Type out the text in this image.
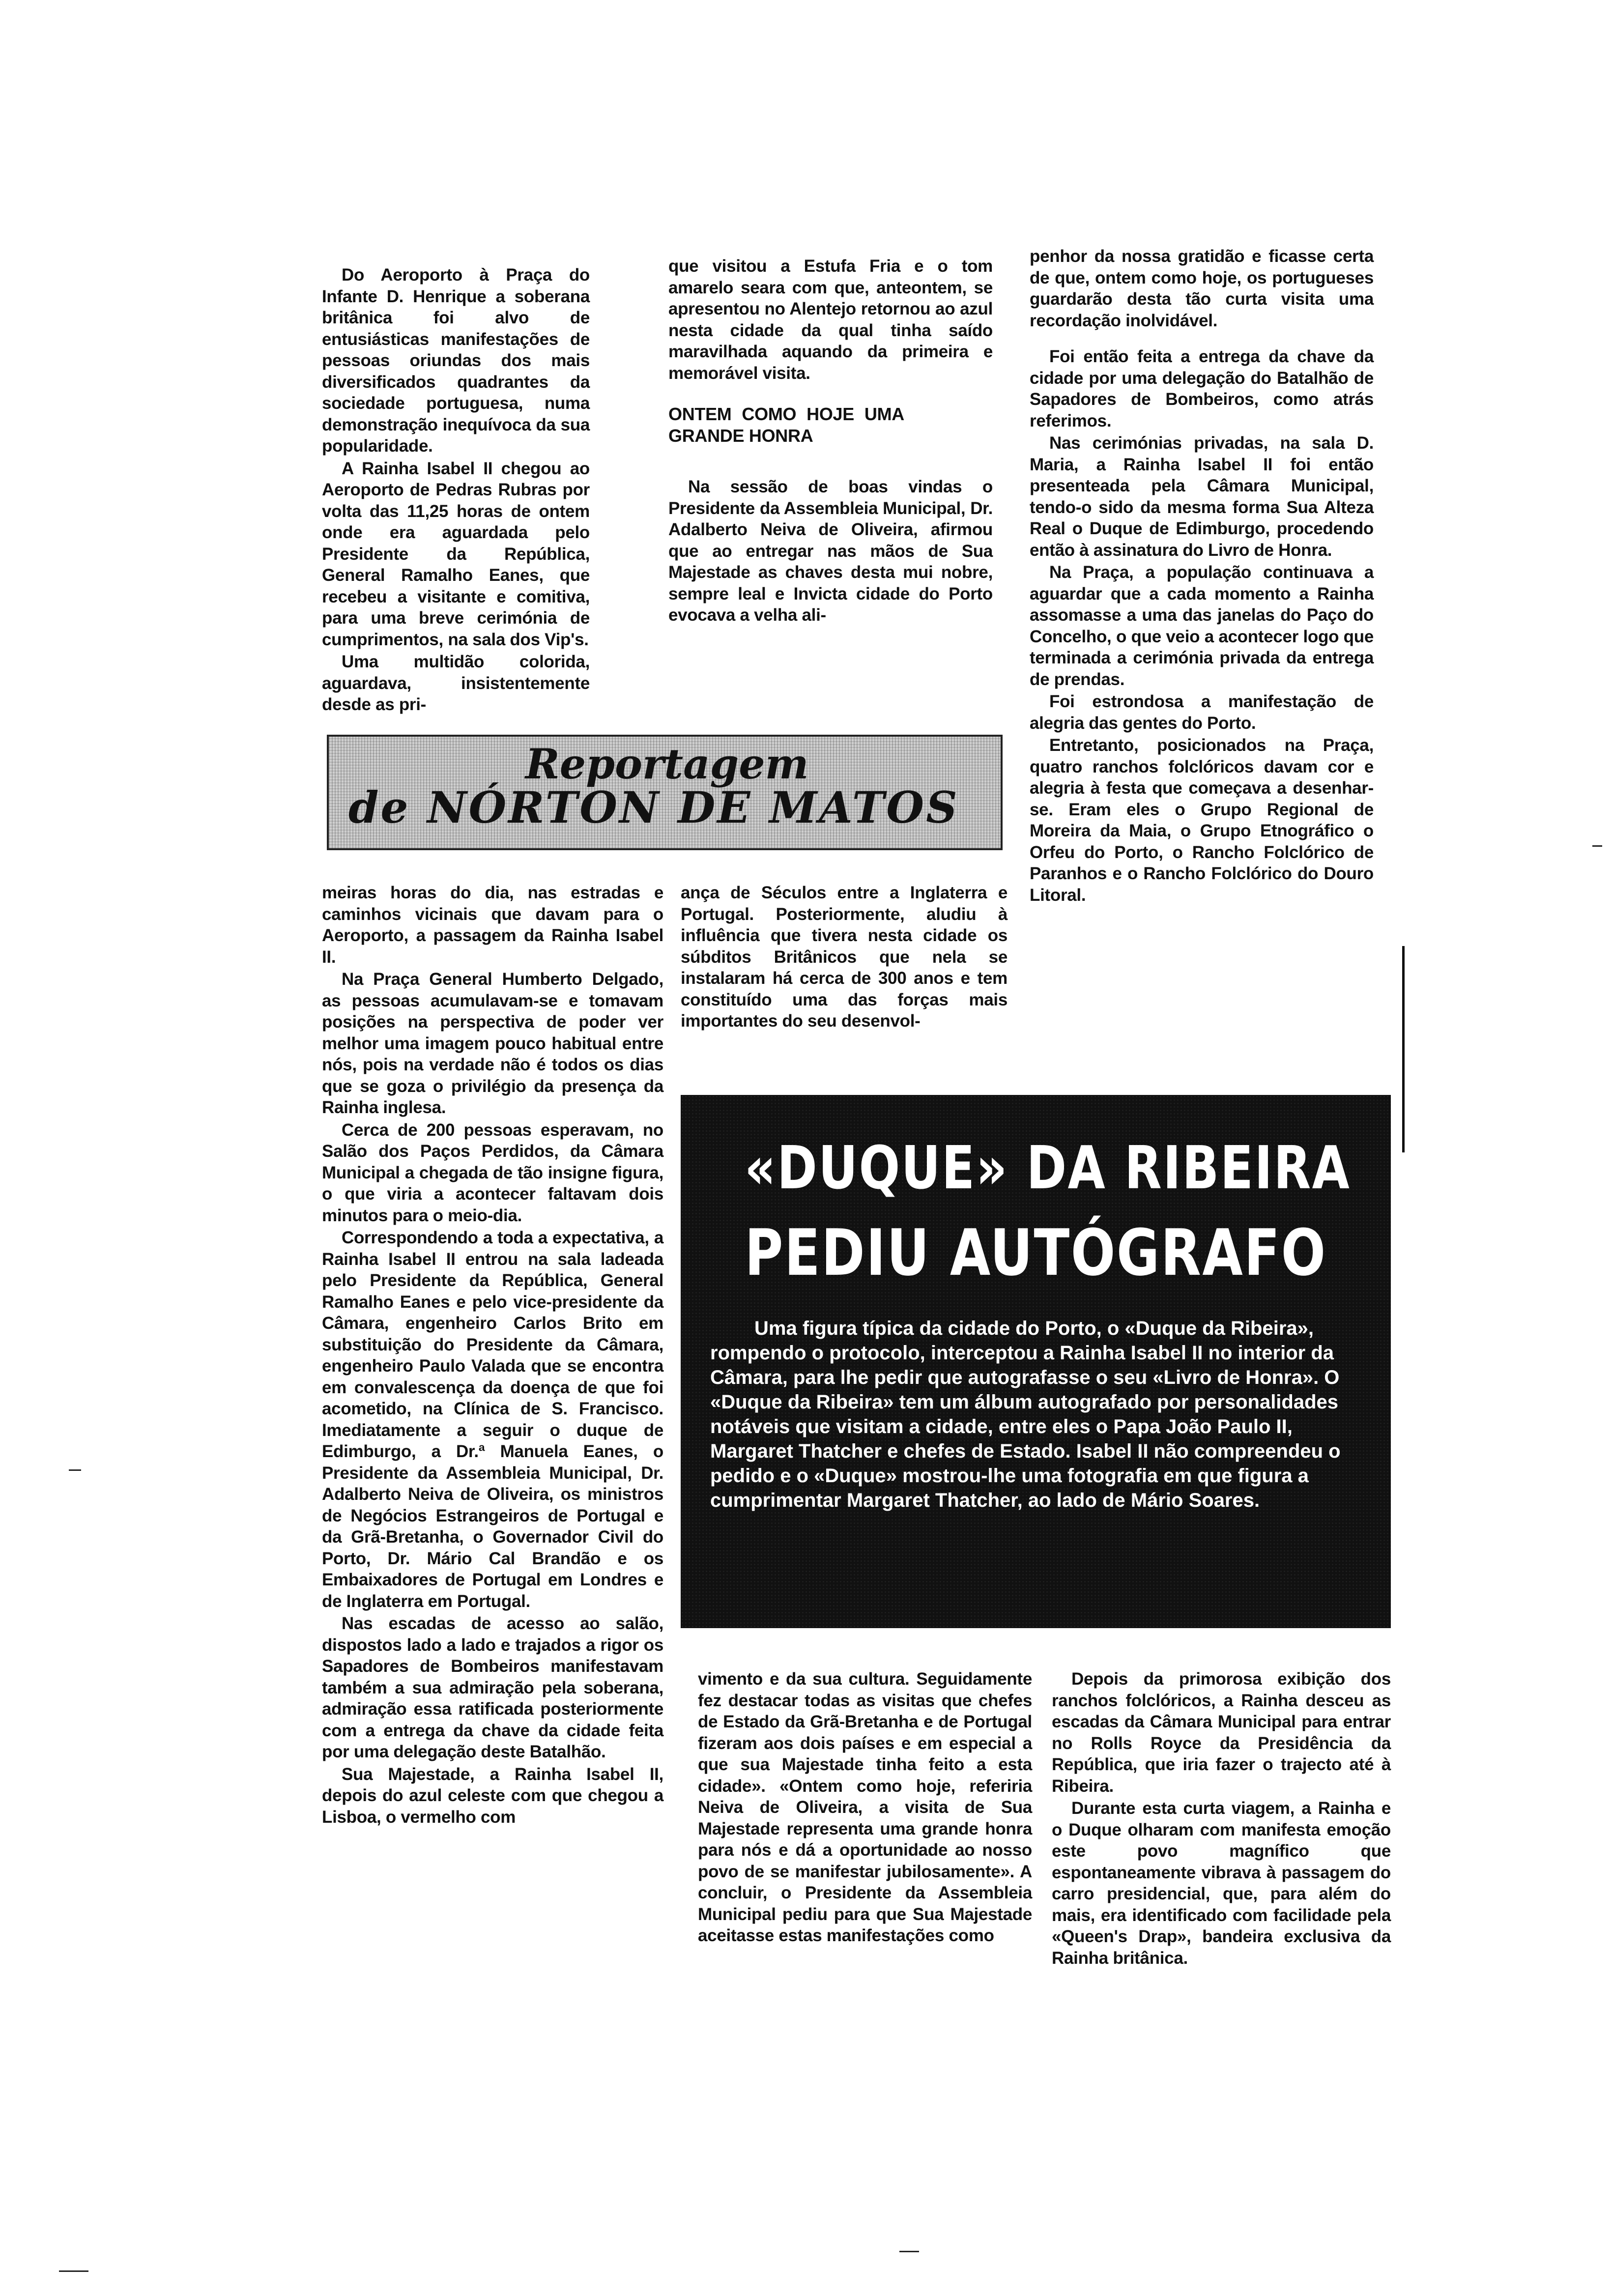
Do Aeroporto à Praça do Infante D. Henrique a soberana britânica foi alvo de entusiásticas manifestações de pessoas oriundas dos mais diversificados quadrantes da sociedade portuguesa, numa demonstração inequívoca da sua popularidade.

A Rainha Isabel II chegou ao Aeroporto de Pedras Rubras por volta das 11,25 horas de ontem onde era aguardada pelo Presidente da República, General Ramalho Eanes, que recebeu a visitante e comitiva, para uma breve cerimónia de cumprimentos, na sala dos Vip's.

Uma multidão colorida, aguardava, insistentemente desde as pri-

que visitou a Estufa Fria e o tom amarelo seara com que, anteontem, se apresentou no Alentejo retornou ao azul nesta cidade da qual tinha saído maravilhada aquando da primeira e memorável visita.

ONTEM COMO HOJE UMA GRANDE HONRA

Na sessão de boas vindas o Presidente da Assembleia Municipal, Dr. Adalberto Neiva de Oliveira, afirmou que ao entregar nas mãos de Sua Majestade as chaves desta mui nobre, sempre leal e Invicta cidade do Porto evocava a velha ali-

penhor da nossa gratidão e ficasse certa de que, ontem como hoje, os portugueses guardarão desta tão curta visita uma recordação inolvidável.

Foi então feita a entrega da chave da cidade por uma delegação do Batalhão de Sapadores de Bombeiros, como atrás referimos.

Nas cerimónias privadas, na sala D. Maria, a Rainha Isabel II foi então presenteada pela Câmara Municipal, tendo-o sido da mesma forma Sua Alteza Real o Duque de Edimburgo, procedendo então à assinatura do Livro de Honra.

Na Praça, a população continuava a aguardar que a cada momento a Rainha assomasse a uma das janelas do Paço do Concelho, o que veio a acontecer logo que terminada a cerimónia privada da entrega de prendas.

Foi estrondosa a manifestação de alegria das gentes do Porto.

Entretanto, posicionados na Praça, quatro ranchos folclóricos davam cor e alegria à festa que começava a desenhar-se. Eram eles o Grupo Regional de Moreira da Maia, o Grupo Etnográfico o Orfeu do Porto, o Rancho Folclórico de Paranhos e o Rancho Folclórico do Douro Litoral.

Reportagem
de NÓRTON DE MATOS

meiras horas do dia, nas estradas e caminhos vicinais que davam para o Aeroporto, a passagem da Rainha Isabel II.

Na Praça General Humberto Delgado, as pessoas acumulavam-se e tomavam posições na perspectiva de poder ver melhor uma imagem pouco habitual entre nós, pois na verdade não é todos os dias que se goza o privilégio da presença da Rainha inglesa.

Cerca de 200 pessoas esperavam, no Salão dos Paços Perdidos, da Câmara Municipal a chegada de tão insigne figura, o que viria a acontecer faltavam dois minutos para o meio-dia.

Correspondendo a toda a expectativa, a Rainha Isabel II entrou na sala ladeada pelo Presidente da República, General Ramalho Eanes e pelo vice-presidente da Câmara, engenheiro Carlos Brito em substituição do Presidente da Câmara, engenheiro Paulo Valada que se encontra em convalescença da doença de que foi acometido, na Clínica de S. Francisco. Imediatamente a seguir o duque de Edimburgo, a Dr.ª Manuela Eanes, o Presidente da Assembleia Municipal, Dr. Adalberto Neiva de Oliveira, os ministros de Negócios Estrangeiros de Portugal e da Grã-Bretanha, o Governador Civil do Porto, Dr. Mário Cal Brandão e os Embaixadores de Portugal em Londres e de Inglaterra em Portugal.

Nas escadas de acesso ao salão, dispostos lado a lado e trajados a rigor os Sapadores de Bombeiros manifestavam também a sua admiração pela soberana, admiração essa ratificada posteriormente com a entrega da chave da cidade feita por uma delegação deste Batalhão.

Sua Majestade, a Rainha Isabel II, depois do azul celeste com que chegou a Lisboa, o vermelho com

ança de Séculos entre a Inglaterra e Portugal. Posteriormente, aludiu à influência que tivera nesta cidade os súbditos Britânicos que nela se instalaram há cerca de 300 anos e tem constituído uma das forças mais importantes do seu desenvol-

«DUQUE» DA RIBEIRA
PEDIU AUTÓGRAFO
Uma figura típica da cidade do Porto, o «Duque da Ribeira», rompendo o protocolo, interceptou a Rainha Isabel II no interior da Câmara, para lhe pedir que autografasse o seu «Livro de Honra». O «Duque da Ribeira» tem um álbum autografado por personalidades notáveis que visitam a cidade, entre eles o Papa João Paulo II, Margaret Thatcher e chefes de Estado. Isabel II não compreendeu o pedido e o «Duque» mostrou-lhe uma fotografia em que figura a cumprimentar Margaret Thatcher, ao lado de Mário Soares.

vimento e da sua cultura. Seguidamente fez destacar todas as visitas que chefes de Estado da Grã-Bretanha e de Portugal fizeram aos dois países e em especial a que sua Majestade tinha feito a esta cidade». «Ontem como hoje, referiria Neiva de Oliveira, a visita de Sua Majestade representa uma grande honra para nós e dá a oportunidade ao nosso povo de se manifestar jubilosamente». A concluir, o Presidente da Assembleia Municipal pediu para que Sua Majestade aceitasse estas manifestações como

Depois da primorosa exibição dos ranchos folclóricos, a Rainha desceu as escadas da Câmara Municipal para entrar no Rolls Royce da Presidência da República, que iria fazer o trajecto até à Ribeira.

Durante esta curta viagem, a Rainha e o Duque olharam com manifesta emoção este povo magnífico que espontaneamente vibrava à passagem do carro presidencial, que, para além do mais, era identificado com facilidade pela «Queen's Drap», bandeira exclusiva da Rainha britânica.
